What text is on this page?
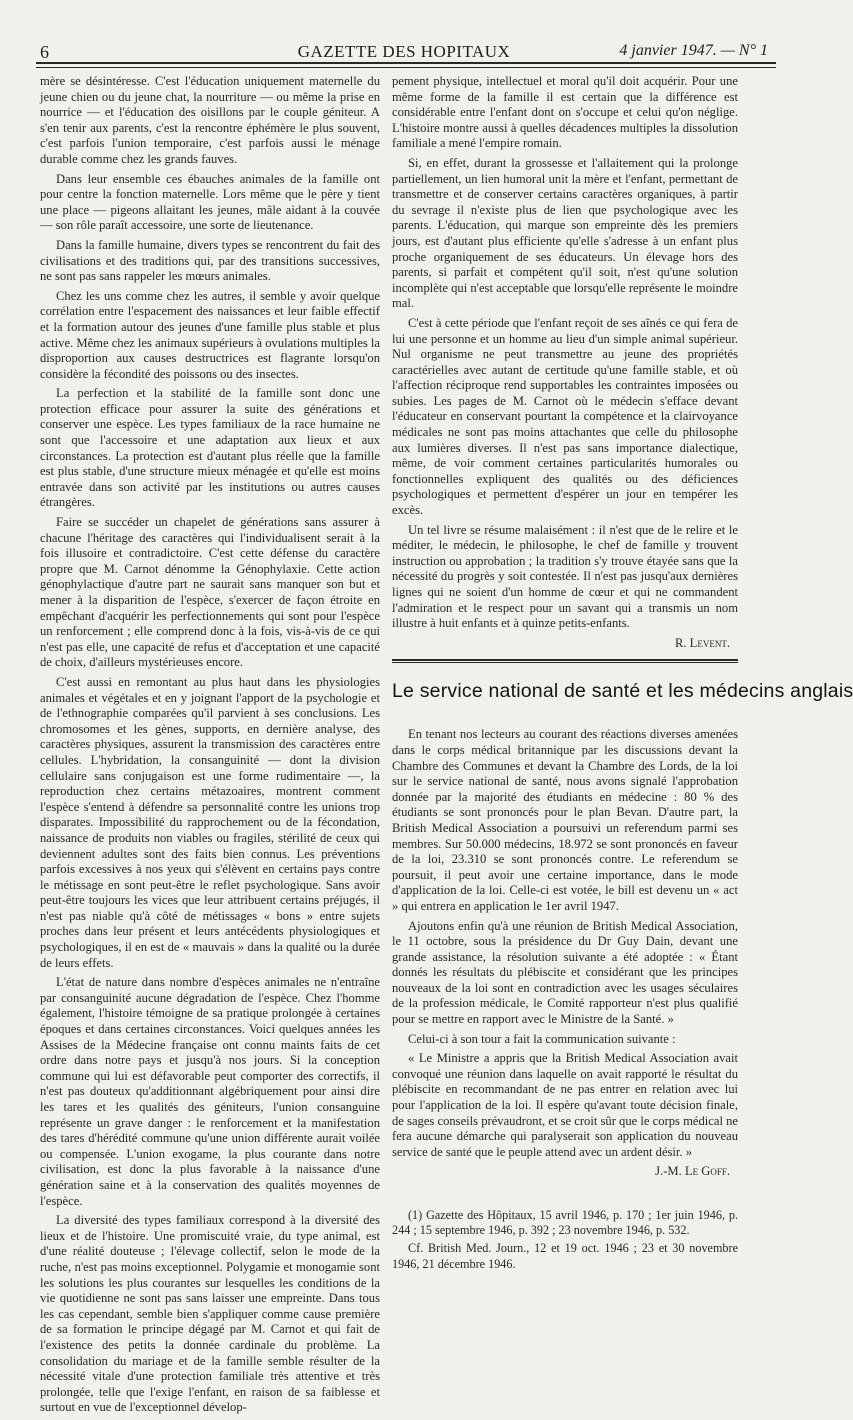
6	GAZETTE DES HOPITAUX	4 janvier 1947. — N° 1

mère se désintéresse. C'est l'éducation uniquement maternelle du jeune chien ou du jeune chat, la nourriture — ou même la prise en nourrice — et l'éducation des oisillons par le couple géniteur. A s'en tenir aux parents, c'est la rencontre éphémère le plus souvent, c'est parfois l'union temporaire, c'est parfois aussi le ménage durable comme chez les grands fauves.

Dans leur ensemble ces ébauches animales de la famille ont pour centre la fonction maternelle. Lors même que le père y tient une place — pigeons allaitant les jeunes, mâle aidant à la couvée — son rôle paraît accessoire, une sorte de lieutenance.

Dans la famille humaine, divers types se rencontrent du fait des civilisations et des traditions qui, par des transitions successives, ne sont pas sans rappeler les mœurs animales.

Chez les uns comme chez les autres, il semble y avoir quelque corrélation entre l'espacement des naissances et leur faible effectif et la formation autour des jeunes d'une famille plus stable et plus active. Même chez les animaux supérieurs à ovulations multiples la disproportion aux causes destructrices est flagrante lorsqu'on considère la fécondité des poissons ou des insectes.

La perfection et la stabilité de la famille sont donc une protection efficace pour assurer la suite des générations et conserver une espèce. Les types familiaux de la race humaine ne sont que l'accessoire et une adaptation aux lieux et aux circonstances. La protection est d'autant plus réelle que la famille est plus stable, d'une structure mieux ménagée et qu'elle est moins entravée dans son activité par les institutions ou autres causes étrangères.

Faire se succéder un chapelet de générations sans assurer à chacune l'héritage des caractères qui l'individualisent serait à la fois illusoire et contradictoire. C'est cette défense du caractère propre que M. Carnot dénomme la Génophylaxie. Cette action génophylactique d'autre part ne saurait sans manquer son but et mener à la disparition de l'espèce, s'exercer de façon étroite en empêchant d'acquérir les perfectionnements qui sont pour l'espèce un renforcement ; elle comprend donc à la fois, vis-à-vis de ce qui n'est pas elle, une capacité de refus et d'acceptation et une capacité de choix, d'ailleurs mystérieuses encore.

C'est aussi en remontant au plus haut dans les physiologies animales et végétales et en y joignant l'apport de la psychologie et de l'ethnographie comparées qu'il parvient à ses conclusions. Les chromosomes et les gènes, supports, en dernière analyse, des caractères physiques, assurent la transmission des caractères entre cellules. L'hybridation, la consanguinité — dont la division cellulaire sans conjugaison est une forme rudimentaire —, la reproduction chez certains métazoaires, montrent comment l'espèce s'entend à défendre sa personnalité contre les unions trop disparates. Impossibilité du rapprochement ou de la fécondation, naissance de produits non viables ou fragiles, stérilité de ceux qui deviennent adultes sont des faits bien connus. Les préventions parfois excessives à nos yeux qui s'élèvent en certains pays contre le métissage en sont peut-être le reflet psychologique. Sans avoir peut-être toujours les vices que leur attribuent certains préjugés, il n'est pas niable qu'à côté de métissages « bons » entre sujets proches dans leur présent et leurs antécédents physiologiques et psychologiques, il en est de « mauvais » dans la qualité ou la durée de leurs effets.

L'état de nature dans nombre d'espèces animales ne n'entraîne par consanguinité aucune dégradation de l'espèce. Chez l'homme également, l'histoire témoigne de sa pratique prolongée à certaines époques et dans certaines circonstances. Voici quelques années les Assises de la Médecine française ont connu maints faits de cet ordre dans notre pays et jusqu'à nos jours. Si la conception commune qui lui est défavorable peut comporter des correctifs, il n'est pas douteux qu'additionnant algébriquement pour ainsi dire les tares et les qualités des géniteurs, l'union consanguine représente un grave danger : le renforcement et la manifestation des tares d'hérédité commune qu'une union différente aurait voilée ou compensée. L'union exogame, la plus courante dans notre civilisation, est donc la plus favorable à la naissance d'une génération saine et à la conservation des qualités moyennes de l'espèce.

La diversité des types familiaux correspond à la diversité des lieux et de l'histoire. Une promiscuité vraie, du type animal, est d'une réalité douteuse ; l'élevage collectif, selon le mode de la ruche, n'est pas moins exceptionnel. Polygamie et monogamie sont les solutions les plus courantes sur lesquelles les conditions de la vie quotidienne ne sont pas sans laisser une empreinte. Dans tous les cas cependant, semble bien s'appliquer comme cause première de sa formation le principe dégagé par M. Carnot et qui fait de l'existence des petits la donnée cardinale du problème. La consolidation du mariage et de la famille semble résulter de la nécessité vitale d'une protection familiale très attentive et très prolongée, telle que l'exige l'enfant, en raison de sa faiblesse et surtout en vue de l'exceptionnel dévelop-

pement physique, intellectuel et moral qu'il doit acquérir. Pour une même forme de la famille il est certain que la différence est considérable entre l'enfant dont on s'occupe et celui qu'on néglige. L'histoire montre aussi à quelles décadences multiples la dissolution familiale a mené l'empire romain.

Si, en effet, durant la grossesse et l'allaitement qui la prolonge partiellement, un lien humoral unit la mère et l'enfant, permettant de transmettre et de conserver certains caractères organiques, à partir du sevrage il n'existe plus de lien que psychologique avec les parents. L'éducation, qui marque son empreinte dès les premiers jours, est d'autant plus efficiente qu'elle s'adresse à un enfant plus proche organiquement de ses éducateurs. Un élevage hors des parents, si parfait et compétent qu'il soit, n'est qu'une solution incomplète qui n'est acceptable que lorsqu'elle représente le moindre mal.

C'est à cette période que l'enfant reçoit de ses aînés ce qui fera de lui une personne et un homme au lieu d'un simple animal supérieur. Nul organisme ne peut transmettre au jeune des propriétés caractérielles avec autant de certitude qu'une famille stable, et où l'affection réciproque rend supportables les contraintes imposées ou subies. Les pages de M. Carnot où le médecin s'efface devant l'éducateur en conservant pourtant la compétence et la clairvoyance médicales ne sont pas moins attachantes que celle du philosophe aux lumières diverses. Il n'est pas sans importance dialectique, même, de voir comment certaines particularités humorales ou fonctionnelles expliquent des qualités ou des déficiences psychologiques et permettent d'espérer un jour en tempérer les excès.

Un tel livre se résume malaisément : il n'est que de le relire et le méditer, le médecin, le philosophe, le chef de famille y trouvent instruction ou approbation ; la tradition s'y trouve étayée sans que la nécessité du progrès y soit contestée. Il n'est pas jusqu'aux dernières lignes qui ne soient d'un homme de cœur et qui ne commandent l'admiration et le respect pour un savant qui a transmis un nom illustre à huit enfants et à quinze petits-enfants.

R. Levent.
Le service national de santé et les médecins anglais

En tenant nos lecteurs au courant des réactions diverses amenées dans le corps médical britannique par les discussions devant la Chambre des Communes et devant la Chambre des Lords, de la loi sur le service national de santé, nous avons signalé l'approbation donnée par la majorité des étudiants en médecine : 80 % des étudiants se sont prononcés pour le plan Bevan. D'autre part, la British Medical Association a poursuivi un referendum parmi ses membres. Sur 50.000 médecins, 18.972 se sont prononcés en faveur de la loi, 23.310 se sont prononcés contre. Le referendum se poursuit, il peut avoir une certaine importance, dans le mode d'application de la loi. Celle-ci est votée, le bill est devenu un « act » qui entrera en application le 1er avril 1947.

Ajoutons enfin qu'à une réunion de British Medical Association, le 11 octobre, sous la présidence du Dr Guy Dain, devant une grande assistance, la résolution suivante a été adoptée : « Étant donnés les résultats du plébiscite et considérant que les principes nouveaux de la loi sont en contradiction avec les usages séculaires de la profession médicale, le Comité rapporteur n'est plus qualifié pour se mettre en rapport avec le Ministre de la Santé. »

Celui-ci à son tour a fait la communication suivante :

« Le Ministre a appris que la British Medical Association avait convoqué une réunion dans laquelle on avait rapporté le résultat du plébiscite en recommandant de ne pas entrer en relation avec lui pour l'application de la loi. Il espère qu'avant toute décision finale, de sages conseils prévaudront, et se croit sûr que le corps médical ne fera aucune démarche qui paralyserait son application du nouveau service de santé que le peuple attend avec un ardent désir. »

J.-M. Le Goff.

(1) Gazette des Hôpitaux, 15 avril 1946, p. 170 ; 1er juin 1946, p. 244 ; 15 septembre 1946, p. 392 ; 23 novembre 1946, p. 532.

Cf. British Med. Journ., 12 et 19 oct. 1946 ; 23 et 30 novembre 1946, 21 décembre 1946.
